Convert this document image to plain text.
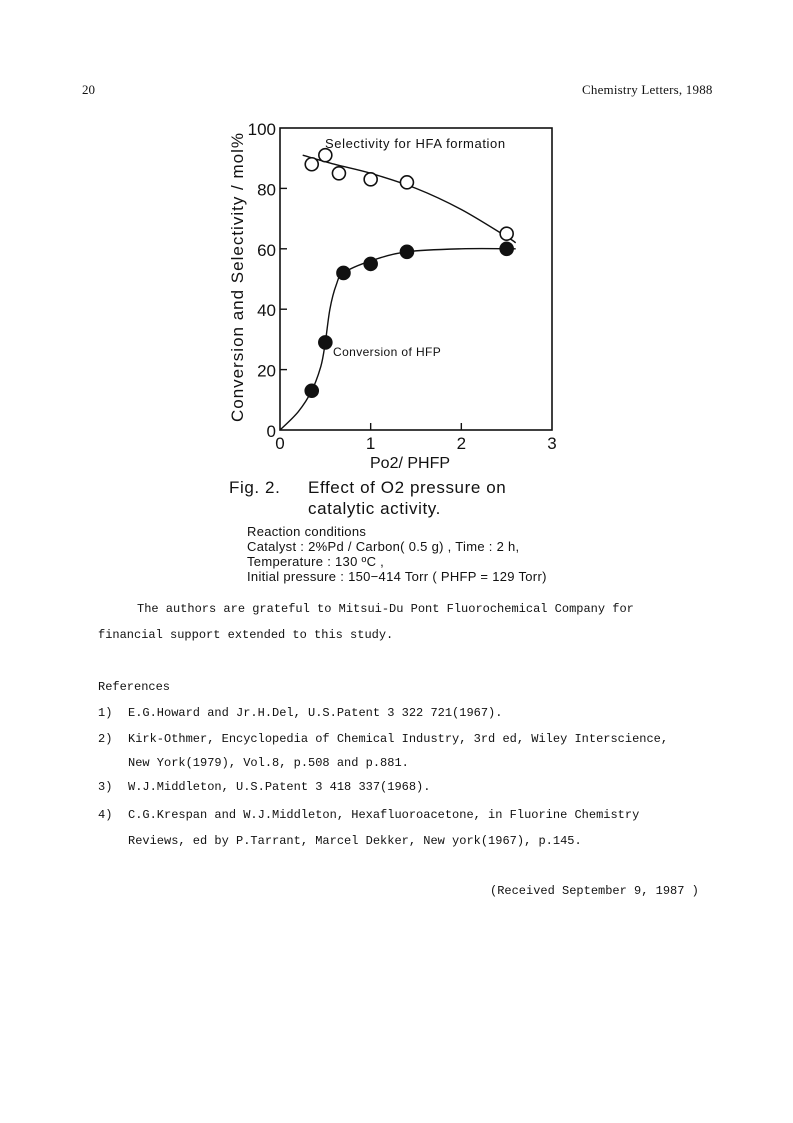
20	Chemistry Letters, 1988
0
20
40
60
80
100
0	1	2	3
Conversion and Selectivity / mol%
Po2/ PHFP
Selectivity for HFA formation
Conversion of HFP
Fig. 2. Effect of O2 pressure on
catalytic activity.
Reaction conditions
Catalyst : 2%Pd / Carbon( 0.5 g) , Time : 2 h,
Temperature : 130 ºC ,
Initial pressure : 150−414 Torr ( PHFP = 129 Torr)
The authors are grateful to Mitsui-Du Pont Fluorochemical Company for
financial support extended to this study.
References
1) E.G.Howard and Jr.H.Del, U.S.Patent 3 322 721(1967).
2) Kirk-Othmer, Encyclopedia of Chemical Industry, 3rd ed, Wiley Interscience,
New York(1979), Vol.8, p.508 and p.881.
3) W.J.Middleton, U.S.Patent 3 418 337(1968).
4) C.G.Krespan and W.J.Middleton, Hexafluoroacetone, in Fluorine Chemistry
Reviews, ed by P.Tarrant, Marcel Dekker, New york(1967), p.145.
(Received September 9, 1987 )
